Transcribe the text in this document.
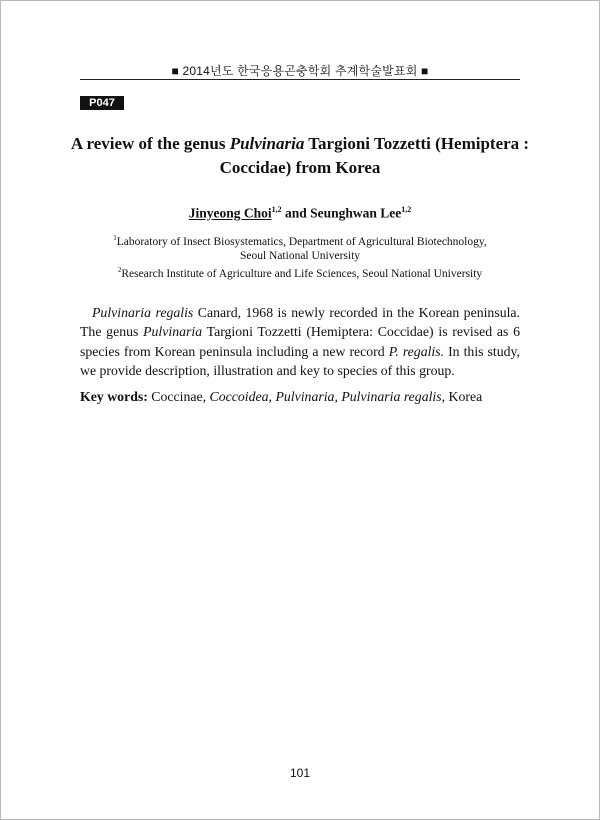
■ 2014년도 한국응용곤충학회 추계학술발표회 ■
P047
A review of the genus Pulvinaria Targioni Tozzetti (Hemiptera :
Coccidae) from Korea
Jinyeong Choi$^{1,2}$ and Seunghwan Lee$^{1,2}$
$^1$Laboratory of Insect Biosystematics, Department of Agricultural Biotechnology,
Seoul National University
$^2$Research Institute of Agriculture and Life Sciences, Seoul National University

Pulvinaria regalis Canard, 1968 is newly recorded in the Korean peninsula. The genus Pulvinaria Targioni Tozzetti (Hemiptera: Coccidae) is revised as 6 species from Korean peninsula including a new record P. regalis. In this study, we provide description, illustration and key to species of this group.

Key words: Coccinae, Coccoidea, Pulvinaria, Pulvinaria regalis, Korea

101
